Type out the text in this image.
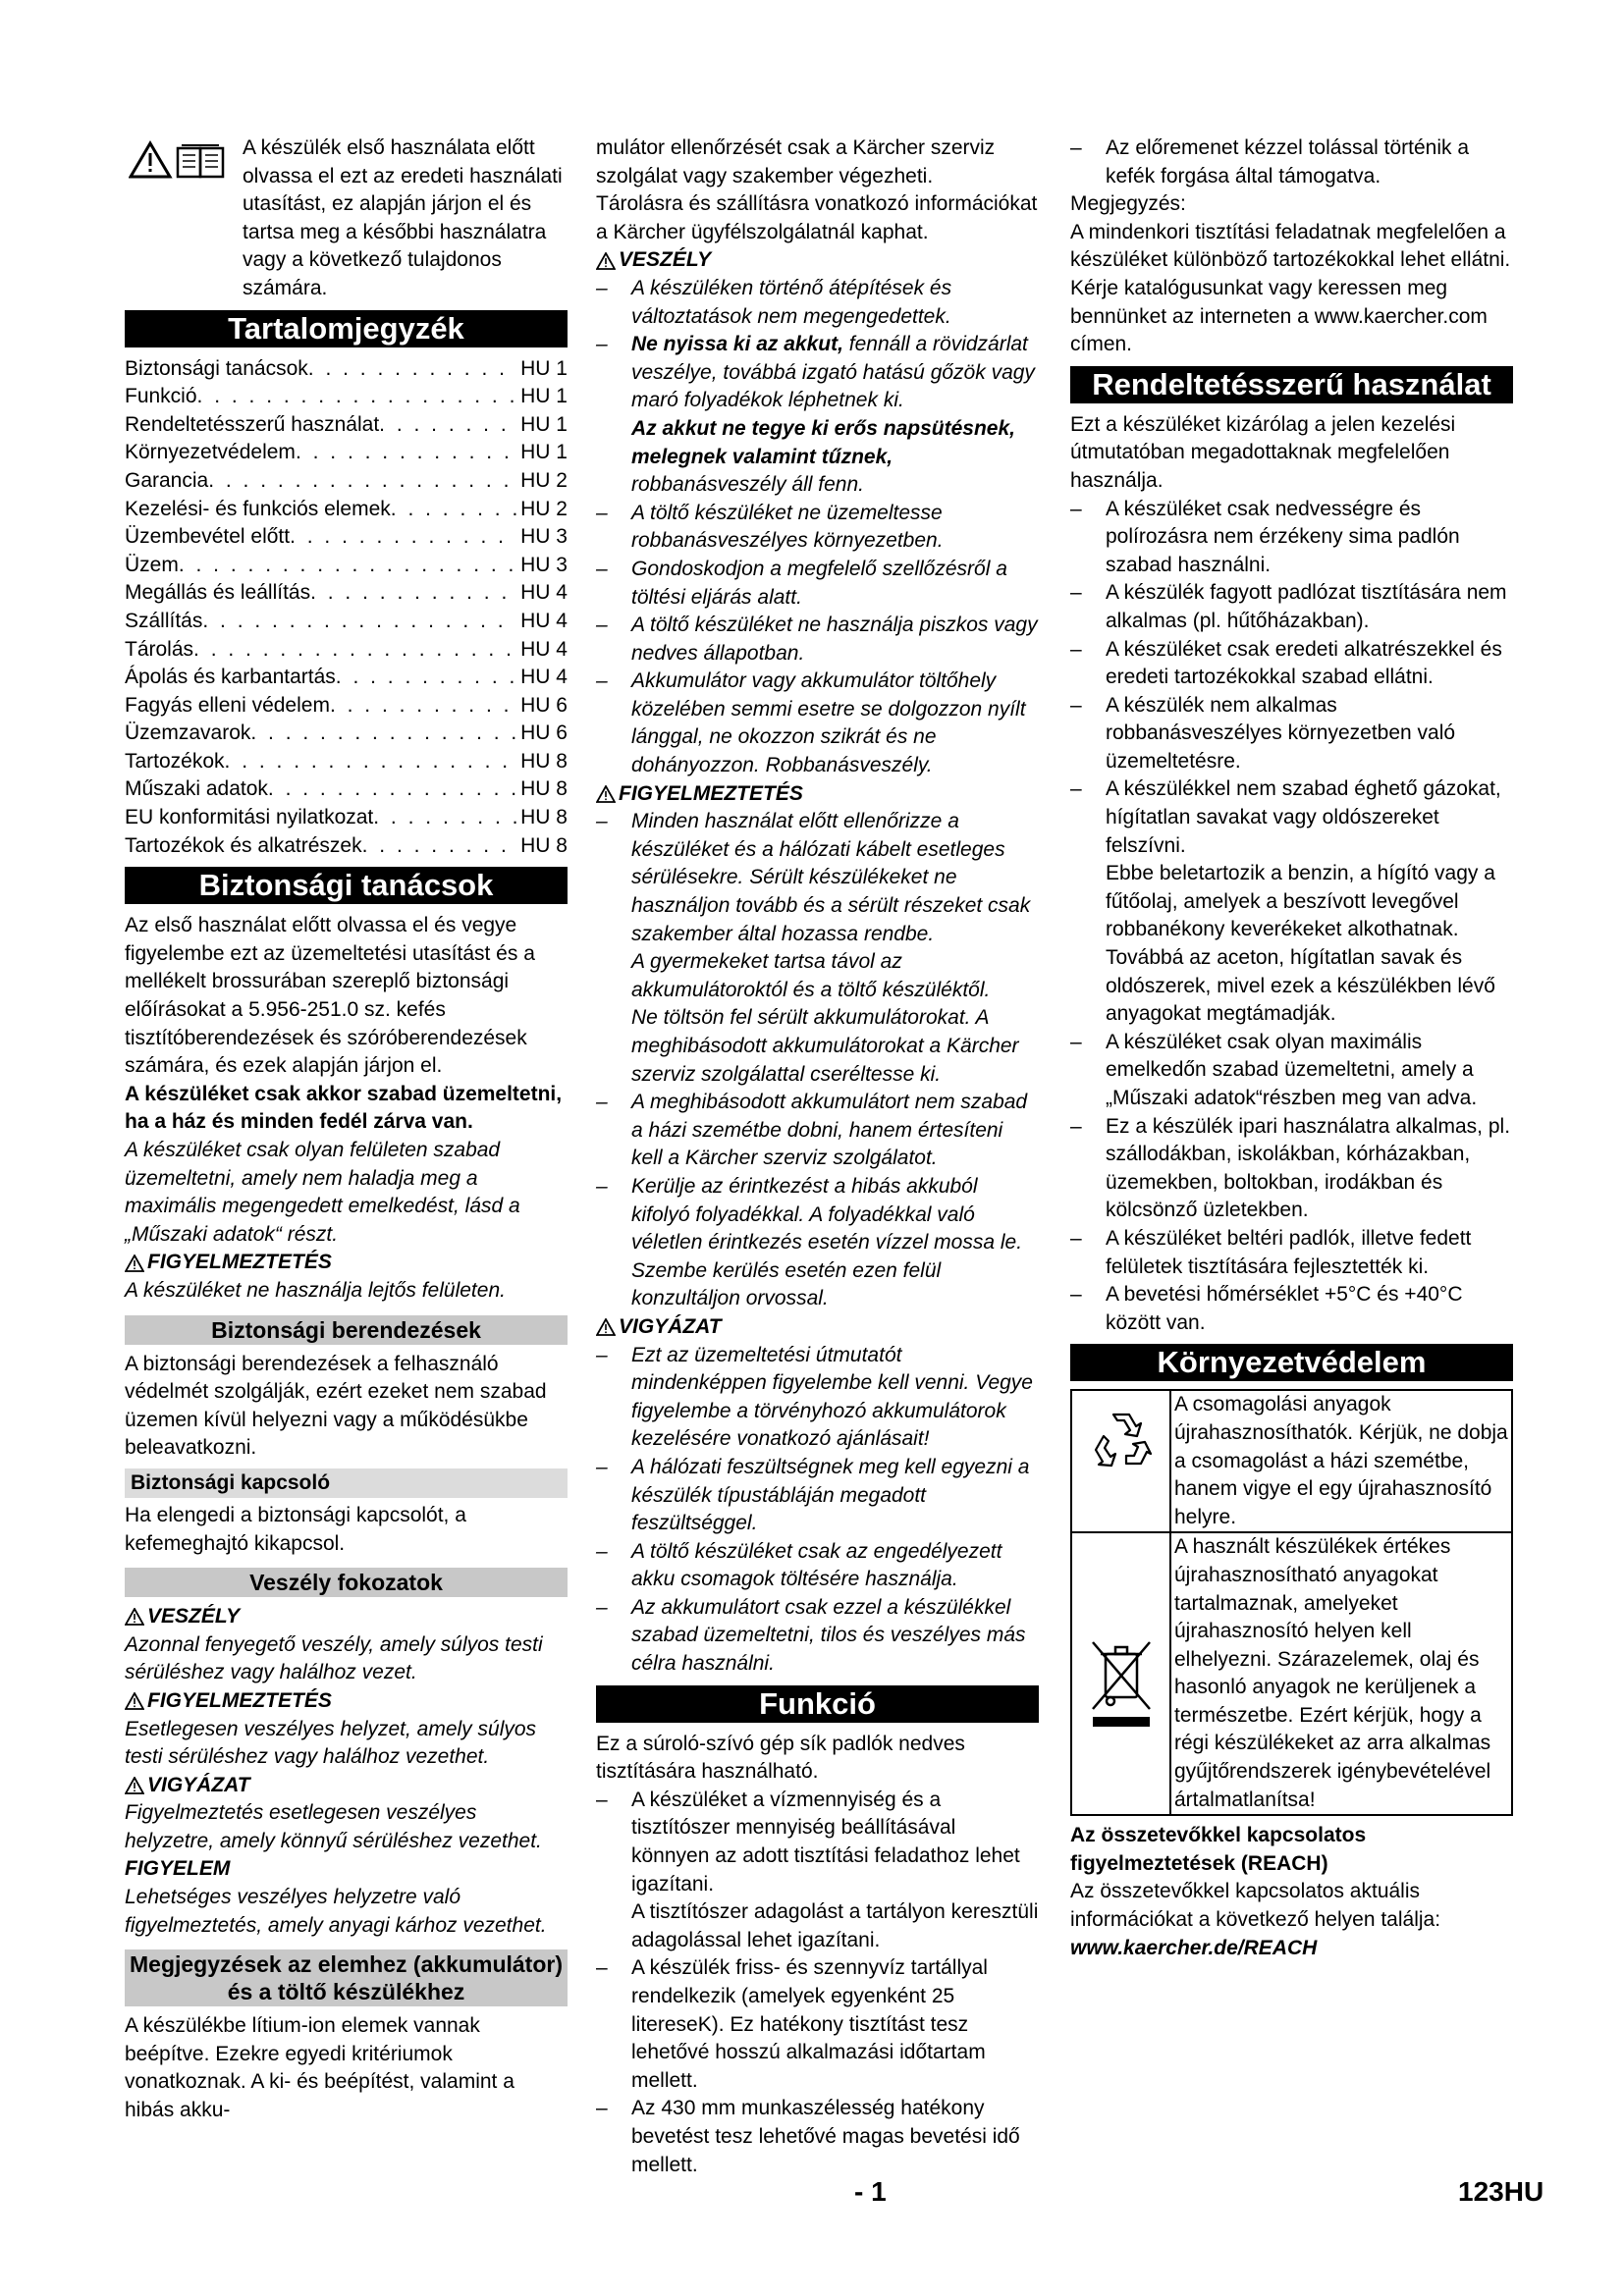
A készülék első használata előtt olvassa el ezt az eredeti használati utasítást, ez alapján járjon el és tartsa meg a későbbi használatra vagy a következő tulajdonos számára.

Tartalomjegyzék
Biztonsági tanácsok . . .	HU 1
Funkció . . .	HU 1
Rendeltetésszerű használat . . .	HU 1
Környezetvédelem . . .	HU 1
Garancia . . .	HU 2
Kezelési- és funkciós elemek . . .	HU 2
Üzembevétel előtt . . .	HU 3
Üzem . . .	HU 3
Megállás és leállítás . . .	HU 4
Szállítás . . .	HU 4
Tárolás . . .	HU 4
Ápolás és karbantartás . . .	HU 4
Fagyás elleni védelem . . .	HU 6
Üzemzavarok . . .	HU 6
Tartozékok . . .	HU 8
Műszaki adatok . . .	HU 8
EU konformitási nyilatkozat . . .	HU 8
Tartozékok és alkatrészek . . .	HU 8
Biztonsági tanácsok

Az első használat előtt olvassa el és vegye figyelembe ezt az üzemeltetési utasítást és a mellékelt brossurában szereplő biztonsági előírásokat a 5.956-251.0 sz. kefés tisztítóberendezések és szóróberendezések számára, és ezek alapján járjon el.

A készüléket csak akkor szabad üzemeltetni, ha a ház és minden fedél zárva van.

A készüléket csak olyan felületen szabad üzemeltetni, amely nem haladja meg a maximális megengedett emelkedést, lásd a „Műszaki adatok“ részt.

FIGYELMEZTETÉS

A készüléket ne használja lejtős felületen.

Biztonsági berendezések

A biztonsági berendezések a felhasználó védelmét szolgálják, ezért ezeket nem szabad üzemen kívül helyezni vagy a működésükbe beleavatkozni.

Biztonsági kapcsoló

Ha elengedi a biztonsági kapcsolót, a kefemeghajtó kikapcsol.

Veszély fokozatok
VESZÉLY

Azonnal fenyegető veszély, amely súlyos testi sérüléshez vagy halálhoz vezet.

FIGYELMEZTETÉS

Esetlegesen veszélyes helyzet, amely súlyos testi sérüléshez vagy halálhoz vezethet.

VIGYÁZAT

Figyelmeztetés esetlegesen veszélyes helyzetre, amely könnyű sérüléshez vezethet.

FIGYELEM

Lehetséges veszélyes helyzetre való figyelmeztetés, amely anyagi kárhoz vezethet.

Megjegyzések az elemhez (akkumulátor) és a töltő készülékhez

A készülékbe lítium-ion elemek vannak beépítve. Ezekre egyedi kritériumok vonatkoznak. A ki- és beépítést, valamint a hibás akku-

mulátor ellenőrzését csak a Kärcher szerviz szolgálat vagy szakember végezheti.

Tárolásra és szállításra vonatkozó információkat a Kärcher ügyfélszolgálatnál kaphat.

VESZÉLY
–	A készüléken történő átépítések és változtatások nem megengedettek.
–	Ne nyissa ki az akkut, fennáll a rövidzárlat veszélye, továbbá izgató hatású gőzök vagy maró folyadékok léphetnek ki.
Az akkut ne tegye ki erős napsütésnek, melegnek valamint tűznek, robbanásveszély áll fenn.
–	A töltő készüléket ne üzemeltesse robbanásveszélyes környezetben.
–	Gondoskodjon a megfelelő szellőzésről a töltési eljárás alatt.
–	A töltő készüléket ne használja piszkos vagy nedves állapotban.
–	Akkumulátor vagy akkumulátor töltőhely közelében semmi esetre se dolgozzon nyílt lánggal, ne okozzon szikrát és ne dohányozzon. Robbanásveszély.
FIGYELMEZTETÉS
–	Minden használat előtt ellenőrizze a készüléket és a hálózati kábelt esetleges sérülésekre. Sérült készülékeket ne használjon tovább és a sérült részeket csak szakember által hozassa rendbe.
A gyermekeket tartsa távol az akkumulátoroktól és a töltő készüléktől.
Ne töltsön fel sérült akkumulátorokat. A meghibásodott akkumulátorokat a Kärcher szerviz szolgálattal cseréltesse ki.
–	A meghibásodott akkumulátort nem szabad a házi szemétbe dobni, hanem értesíteni kell a Kärcher szerviz szolgálatot.
–	Kerülje az érintkezést a hibás akkuból kifolyó folyadékkal. A folyadékkal való véletlen érintkezés esetén vízzel mossa le. Szembe kerülés esetén ezen felül konzultáljon orvossal.
VIGYÁZAT
–	Ezt az üzemeltetési útmutatót mindenképpen figyelembe kell venni. Vegye figyelembe a törvényhozó akkumulátorok kezelésére vonatkozó ajánlásait!
–	A hálózati feszültségnek meg kell egyezni a készülék típustábláján megadott feszültséggel.
–	A töltő készüléket csak az engedélyezett akku csomagok töltésére használja.
–	Az akkumulátort csak ezzel a készülékkel szabad üzemeltetni, tilos és veszélyes más célra használni.
Funkció

Ez a súroló-szívó gép sík padlók nedves tisztítására használható.

–	A készüléket a vízmennyiség és a tisztítószer mennyiség beállításával könnyen az adott tisztítási feladathoz lehet igazítani.
A tisztítószer adagolást a tartályon keresztüli adagolással lehet igazítani.
–	A készülék friss- és szennyvíz tartállyal rendelkezik (amelyek egyenként 25 litereseK). Ez hatékony tisztítást tesz lehetővé hosszú alkalmazási időtartam mellett.
–	Az 430 mm munkaszélesség hatékony bevetést tesz lehetővé magas bevetési idő mellett.
–	Az előremenet kézzel tolással történik a kefék forgása által támogatva.

Megjegyzés:

A mindenkori tisztítási feladatnak megfelelően a készüléket különböző tartozékokkal lehet ellátni.

Kérje katalógusunkat vagy keressen meg bennünket az interneten a www.kaercher.com címen.

Rendeltetésszerű használat

Ezt a készüléket kizárólag a jelen kezelési útmutatóban megadottaknak megfelelően használja.

–	A készüléket csak nedvességre és polírozásra nem érzékeny sima padlón szabad használni.
–	A készülék fagyott padlózat tisztítására nem alkalmas (pl. hűtőházakban).
–	A készüléket csak eredeti alkatrészekkel és eredeti tartozékokkal szabad ellátni.
–	A készülék nem alkalmas robbanásveszélyes környezetben való üzemeltetésre.
–	A készülékkel nem szabad éghető gázokat, hígítatlan savakat vagy oldószereket felszívni.
Ebbe beletartozik a benzin, a hígító vagy a fűtőolaj, amelyek a beszívott levegővel robbanékony keverékeket alkothatnak. Továbbá az aceton, hígítatlan savak és oldószerek, mivel ezek a készülékben lévő anyagokat megtámadják.
–	A készüléket csak olyan maximális emelkedőn szabad üzemeltetni, amely a „Műszaki adatok“részben meg van adva.
–	Ez a készülék ipari használatra alkalmas, pl. szállodákban, iskolákban, kórházakban, üzemekben, boltokban, irodákban és kölcsönző üzletekben.
–	A készüléket beltéri padlók, illetve fedett felületek tisztítására fejlesztették ki.
–	A bevetési hőmérséklet +5°C és +40°C között van.
Környezetvédelem
A csomagolási anyagok újrahasznosíthatók. Kérjük, ne dobja a csomagolást a házi szemétbe, hanem vigye el egy újrahasznosító helyre.
A használt készülékek értékes újrahasznosítható anyagokat tartalmaznak, amelyeket újrahasznosító helyen kell elhelyezni. Szárazelemek, olaj és hasonló anyagok ne kerüljenek a természetbe. Ezért kérjük, hogy a régi készülékeket az arra alkalmas gyűjtőrendszerek igénybevételével ártalmatlanítsa!

Az összetevőkkel kapcsolatos figyelmeztetések (REACH)

Az összetevőkkel kapcsolatos aktuális információkat a következő helyen találja:

www.kaercher.de/REACH

- 1	123HU
